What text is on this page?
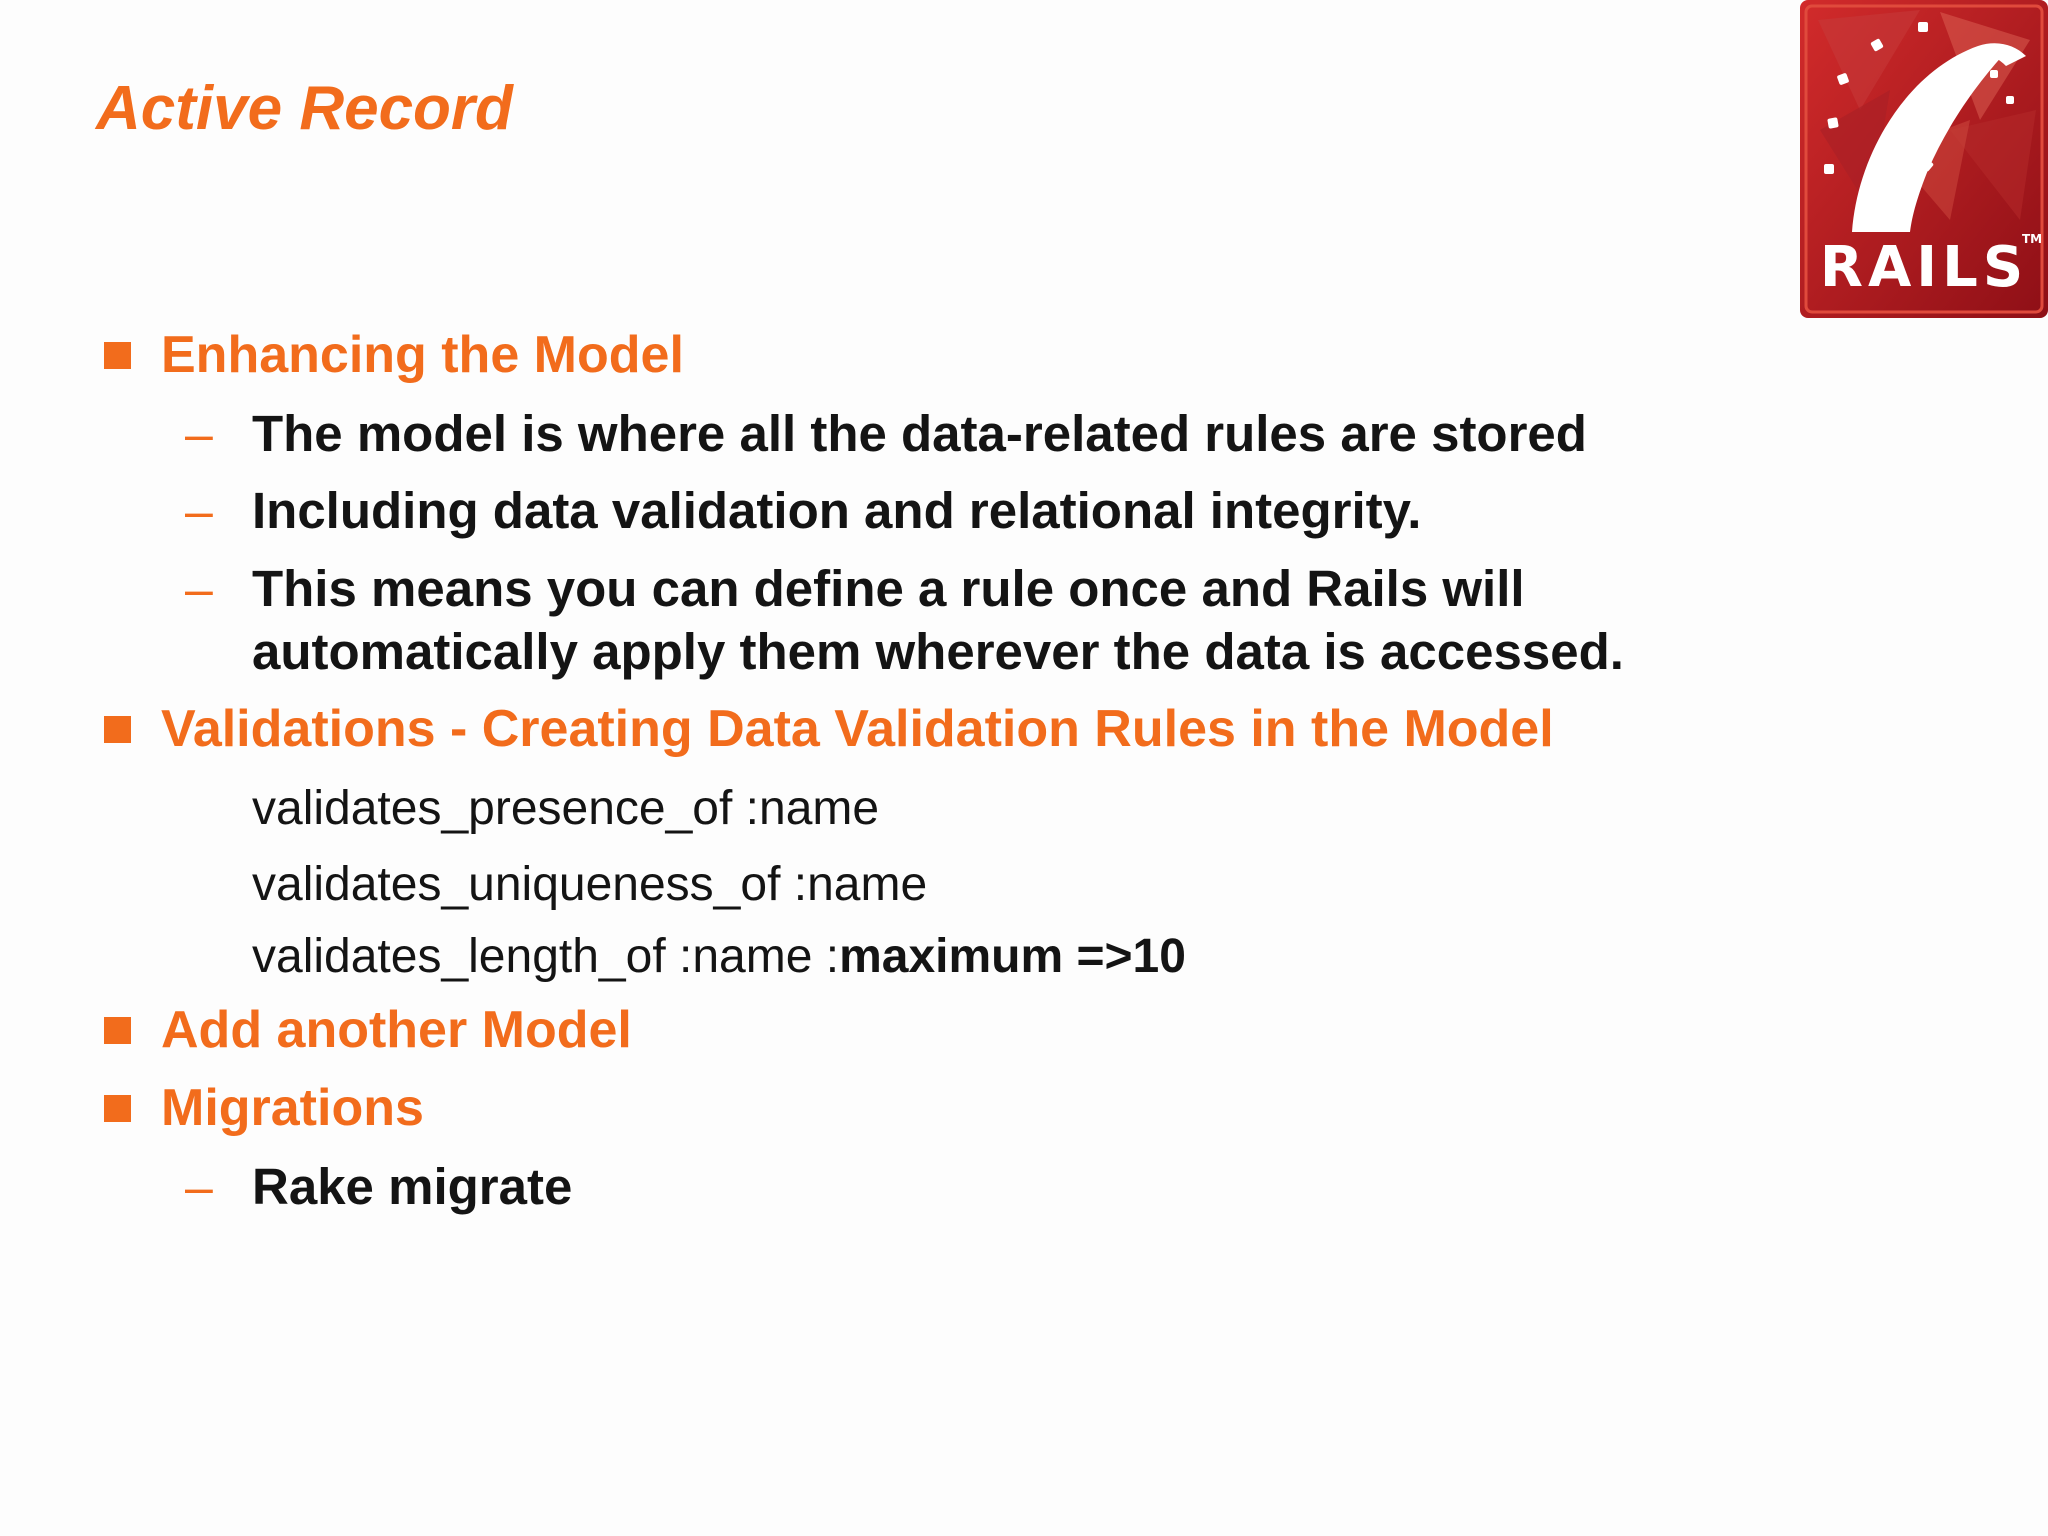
Active Record
RAILS
TM
Enhancing the Model
– The model is where all the data-related rules are stored
– Including data validation and relational integrity.
– This means you can define a rule once and Rails will
automatically apply them wherever the data is accessed.
Validations - Creating Data Validation Rules in the Model
validates_presence_of :name
validates_uniqueness_of :name
validates_length_of :name :maximum =>10
Add another Model
Migrations
– Rake migrate
